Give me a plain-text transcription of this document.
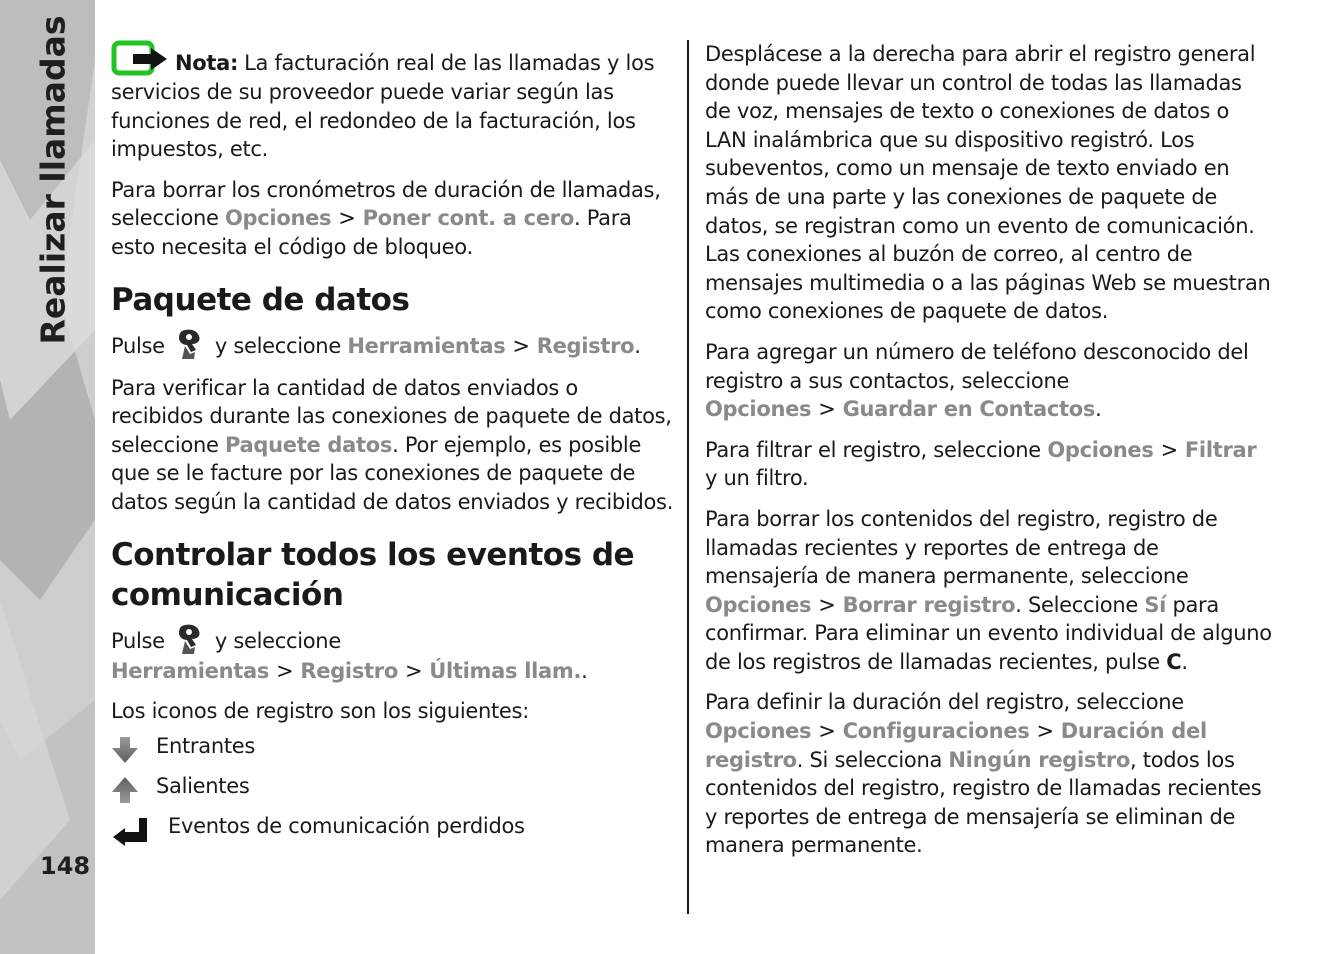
Realizar llamadas
148

Nota: La facturación real de las llamadas y los servicios de su proveedor puede variar según las funciones de red, el redondeo de la facturación, los impuestos, etc.

Para borrar los cronómetros de duración de llamadas, seleccione Opciones > Poner cont. a cero. Para esto necesita el código de bloqueo.

Paquete de datos

Pulse y seleccione Herramientas > Registro.

Para verificar la cantidad de datos enviados o recibidos durante las conexiones de paquete de datos, seleccione Paquete datos. Por ejemplo, es posible que se le facture por las conexiones de paquete de datos según la cantidad de datos enviados y recibidos.

Controlar todos los eventos de comunicación

Pulse y seleccione Herramientas > Registro > Últimas llam..

Los iconos de registro son los siguientes:

Entrantes
Salientes
Eventos de comunicación perdidos

Desplácese a la derecha para abrir el registro general donde puede llevar un control de todas las llamadas de voz, mensajes de texto o conexiones de datos o LAN inalámbrica que su dispositivo registró. Los subeventos, como un mensaje de texto enviado en más de una parte y las conexiones de paquete de datos, se registran como un evento de comunicación. Las conexiones al buzón de correo, al centro de mensajes multimedia o a las páginas Web se muestran como conexiones de paquete de datos.

Para agregar un número de teléfono desconocido del registro a sus contactos, seleccione Opciones > Guardar en Contactos.

Para filtrar el registro, seleccione Opciones > Filtrar y un filtro.

Para borrar los contenidos del registro, registro de llamadas recientes y reportes de entrega de mensajería de manera permanente, seleccione Opciones > Borrar registro. Seleccione Sí para confirmar. Para eliminar un evento individual de alguno de los registros de llamadas recientes, pulse C.

Para definir la duración del registro, seleccione Opciones > Configuraciones > Duración del registro. Si selecciona Ningún registro, todos los contenidos del registro, registro de llamadas recientes y reportes de entrega de mensajería se eliminan de manera permanente.
